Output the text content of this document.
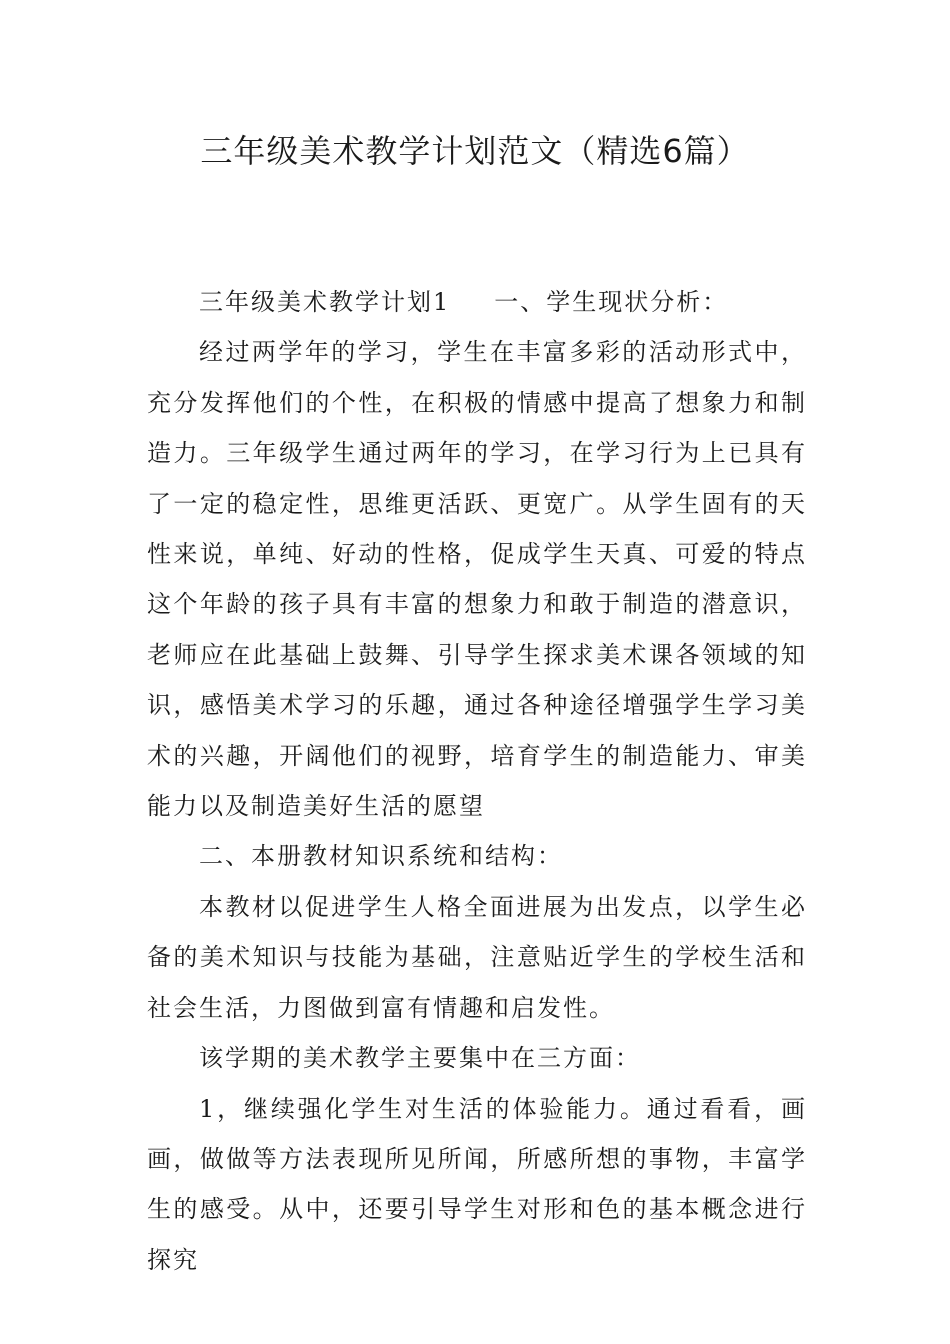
三年级美术教学计划范文（精选6篇）

三年级美术教学计划1 一、学生现状分析：

经过两学年的学习，学生在丰富多彩的活动形式中，充分发挥他们的个性，在积极的情感中提高了想象力和制造力。三年级学生通过两年的学习，在学习行为上已具有了一定的稳定性，思维更活跃、更宽广。从学生固有的天性来说，单纯、好动的性格，促成学生天真、可爱的特点这个年龄的孩子具有丰富的想象力和敢于制造的潜意识，老师应在此基础上鼓舞、引导学生探求美术课各领域的知识，感悟美术学习的乐趣，通过各种途径增强学生学习美术的兴趣，开阔他们的视野，培育学生的制造能力、审美能力以及制造美好生活的愿望

二、本册教材知识系统和结构：

本教材以促进学生人格全面进展为出发点，以学生必备的美术知识与技能为基础，注意贴近学生的学校生活和社会生活，力图做到富有情趣和启发性。

该学期的美术教学主要集中在三方面：

1，继续强化学生对生活的体验能力。通过看看，画画，做做等方法表现所见所闻，所感所想的事物，丰富学生的感受。从中，还要引导学生对形和色的基本概念进行探究
